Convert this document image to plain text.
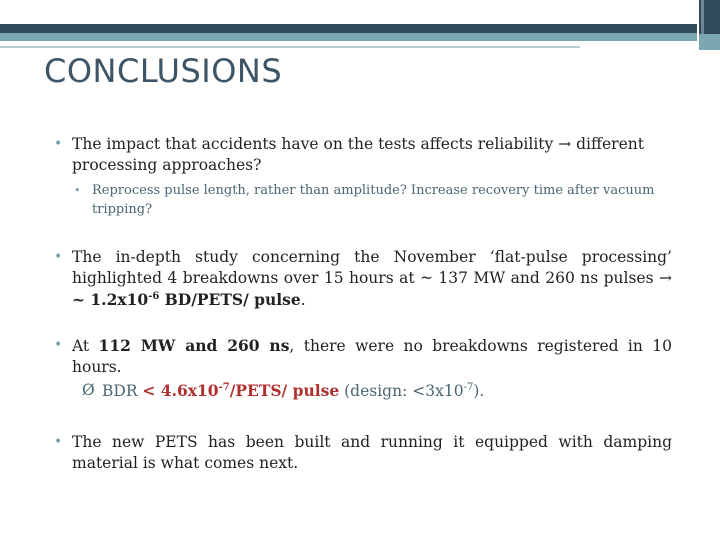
CONCLUSIONS
• The impact that accidents have on the tests affects reliability → different processing approaches?
• Reprocess pulse length, rather than amplitude? Increase recovery time after vacuum tripping?
• The in-depth study concerning the November ‘flat-pulse processing’ highlighted 4 breakdowns over 15 hours at ~ 137 MW and 260 ns pulses → ~ $1.2x10^{-6}$ BD/PETS/ pulse.
• At 112 MW and 260 ns, there were no breakdowns registered in 10 hours.
Ø BDR < $4.6x10^{-7}/PETS/$ pulse (design: $<3x10^{-7}$).
• The new PETS has been built and running it equipped with damping material is what comes next.
